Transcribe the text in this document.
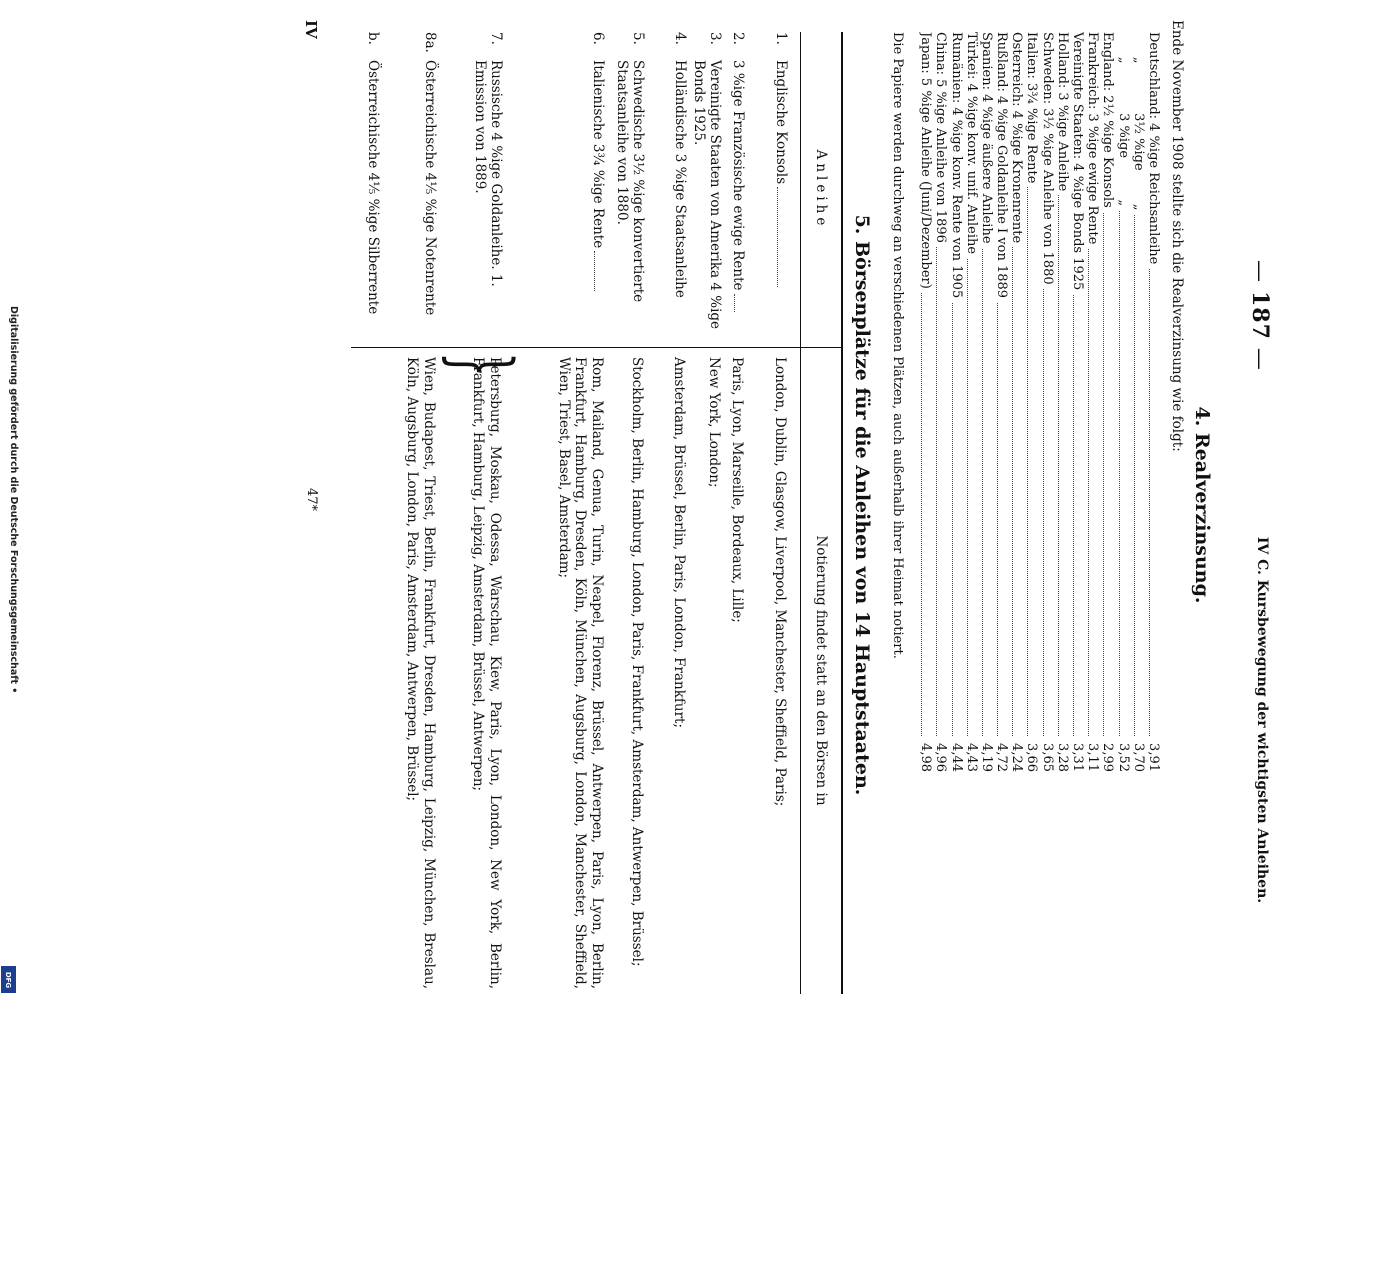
Digitalisierung gefördert durch die Deutsche Forschungsgemeinschaft •
DFG
— 187 —
IV C. Kursbewegung der wichtigsten Anleihen.
4. Realverzinsung.
Ende November 1908 stellte sich die Realverzinsung wie folgt:
Deutschland: 4 %ige Reichsanleihe
3,91
„            3½ %ige        „
3,70
„            3 %ige          „
3,52
England: 2½ %ige Konsols
2,99
Frankreich: 3 %ige ewige Rente
3,11
Vereinigte Staaten: 4 %ige Bonds 1925
3,31
Holland: 3 %ige Anleihe
3,28
Schweden: 3½ %ige Anleihe von 1880
3,65
Italien: 3¾ %ige Rente
3,66
Österreich: 4 %ige Kronenrente
4,24
Rußland: 4 %ige Goldanleihe I von 1889
4,72
Spanien: 4 %ige äußere Anleihe
4,19
Türkei: 4 %ige konv. unif. Anleihe
4,43
Rumänien: 4 %ige konv. Rente von 1905
4,44
China: 5 %ige Anleihe von 1896
4,96
Japan: 5 %ige Anleihe (Juni/Dezember)
4,98
Die Papiere werden durchweg an verschiedenen Plätzen, auch außerhalb ihrer Heimat notiert.
5. Börsenplätze für die Anleihen von 14 Hauptstaaten.
Anleihe
Notierung findet statt an den Börsen in
1.
Englische Konsols
London, Dublin, Glasgow, Liverpool, Manchester, Sheffield, Paris;
2.
3 %ige Französische ewige Rente
Paris, Lyon, Marseille, Bordeaux, Lille;
3.
Vereinigte Staaten von Amerika 4 %ige Bonds 1925.
New York, London;
4.
Holländische 3 %ige Staatsanleihe
Amsterdam, Brüssel, Berlin, Paris, London, Frankfurt;
5.
Schwedische 3½ %ige konvertierte Staatsanleihe von 1880.
Stockholm, Berlin, Hamburg, London, Paris, Frankfurt, Amsterdam, Antwerpen, Brüssel;
6.
Italienische 3¾ %ige Rente
Rom, Mailand, Genua, Turin, Neapel, Florenz, Brüssel, Antwerpen, Paris, Lyon, Berlin, Frankfurt, Hamburg, Dresden, Köln, München, Augsburg, London, Manchester, Sheffield, Wien, Triest, Basel, Amsterdam;
7.
Russische 4 %ige Goldanleihe. 1. Emission von 1889.
Petersburg, Moskau, Odessa, Warschau, Kiew, Paris, Lyon, London, New York, Berlin, Frankfurt, Hamburg, Leipzig, Amsterdam, Brüssel, Antwerpen;
8a.
Österreichische 4⅕ %ige Notenrente
b.
Österreichische 4⅕ %ige Silberrente
Wien, Budapest, Triest, Berlin, Frankfurt, Dresden, Hamburg, Leipzig, München, Breslau, Köln, Augsburg, London, Paris, Amsterdam, Antwerpen, Brüssel; }
IV
47*
